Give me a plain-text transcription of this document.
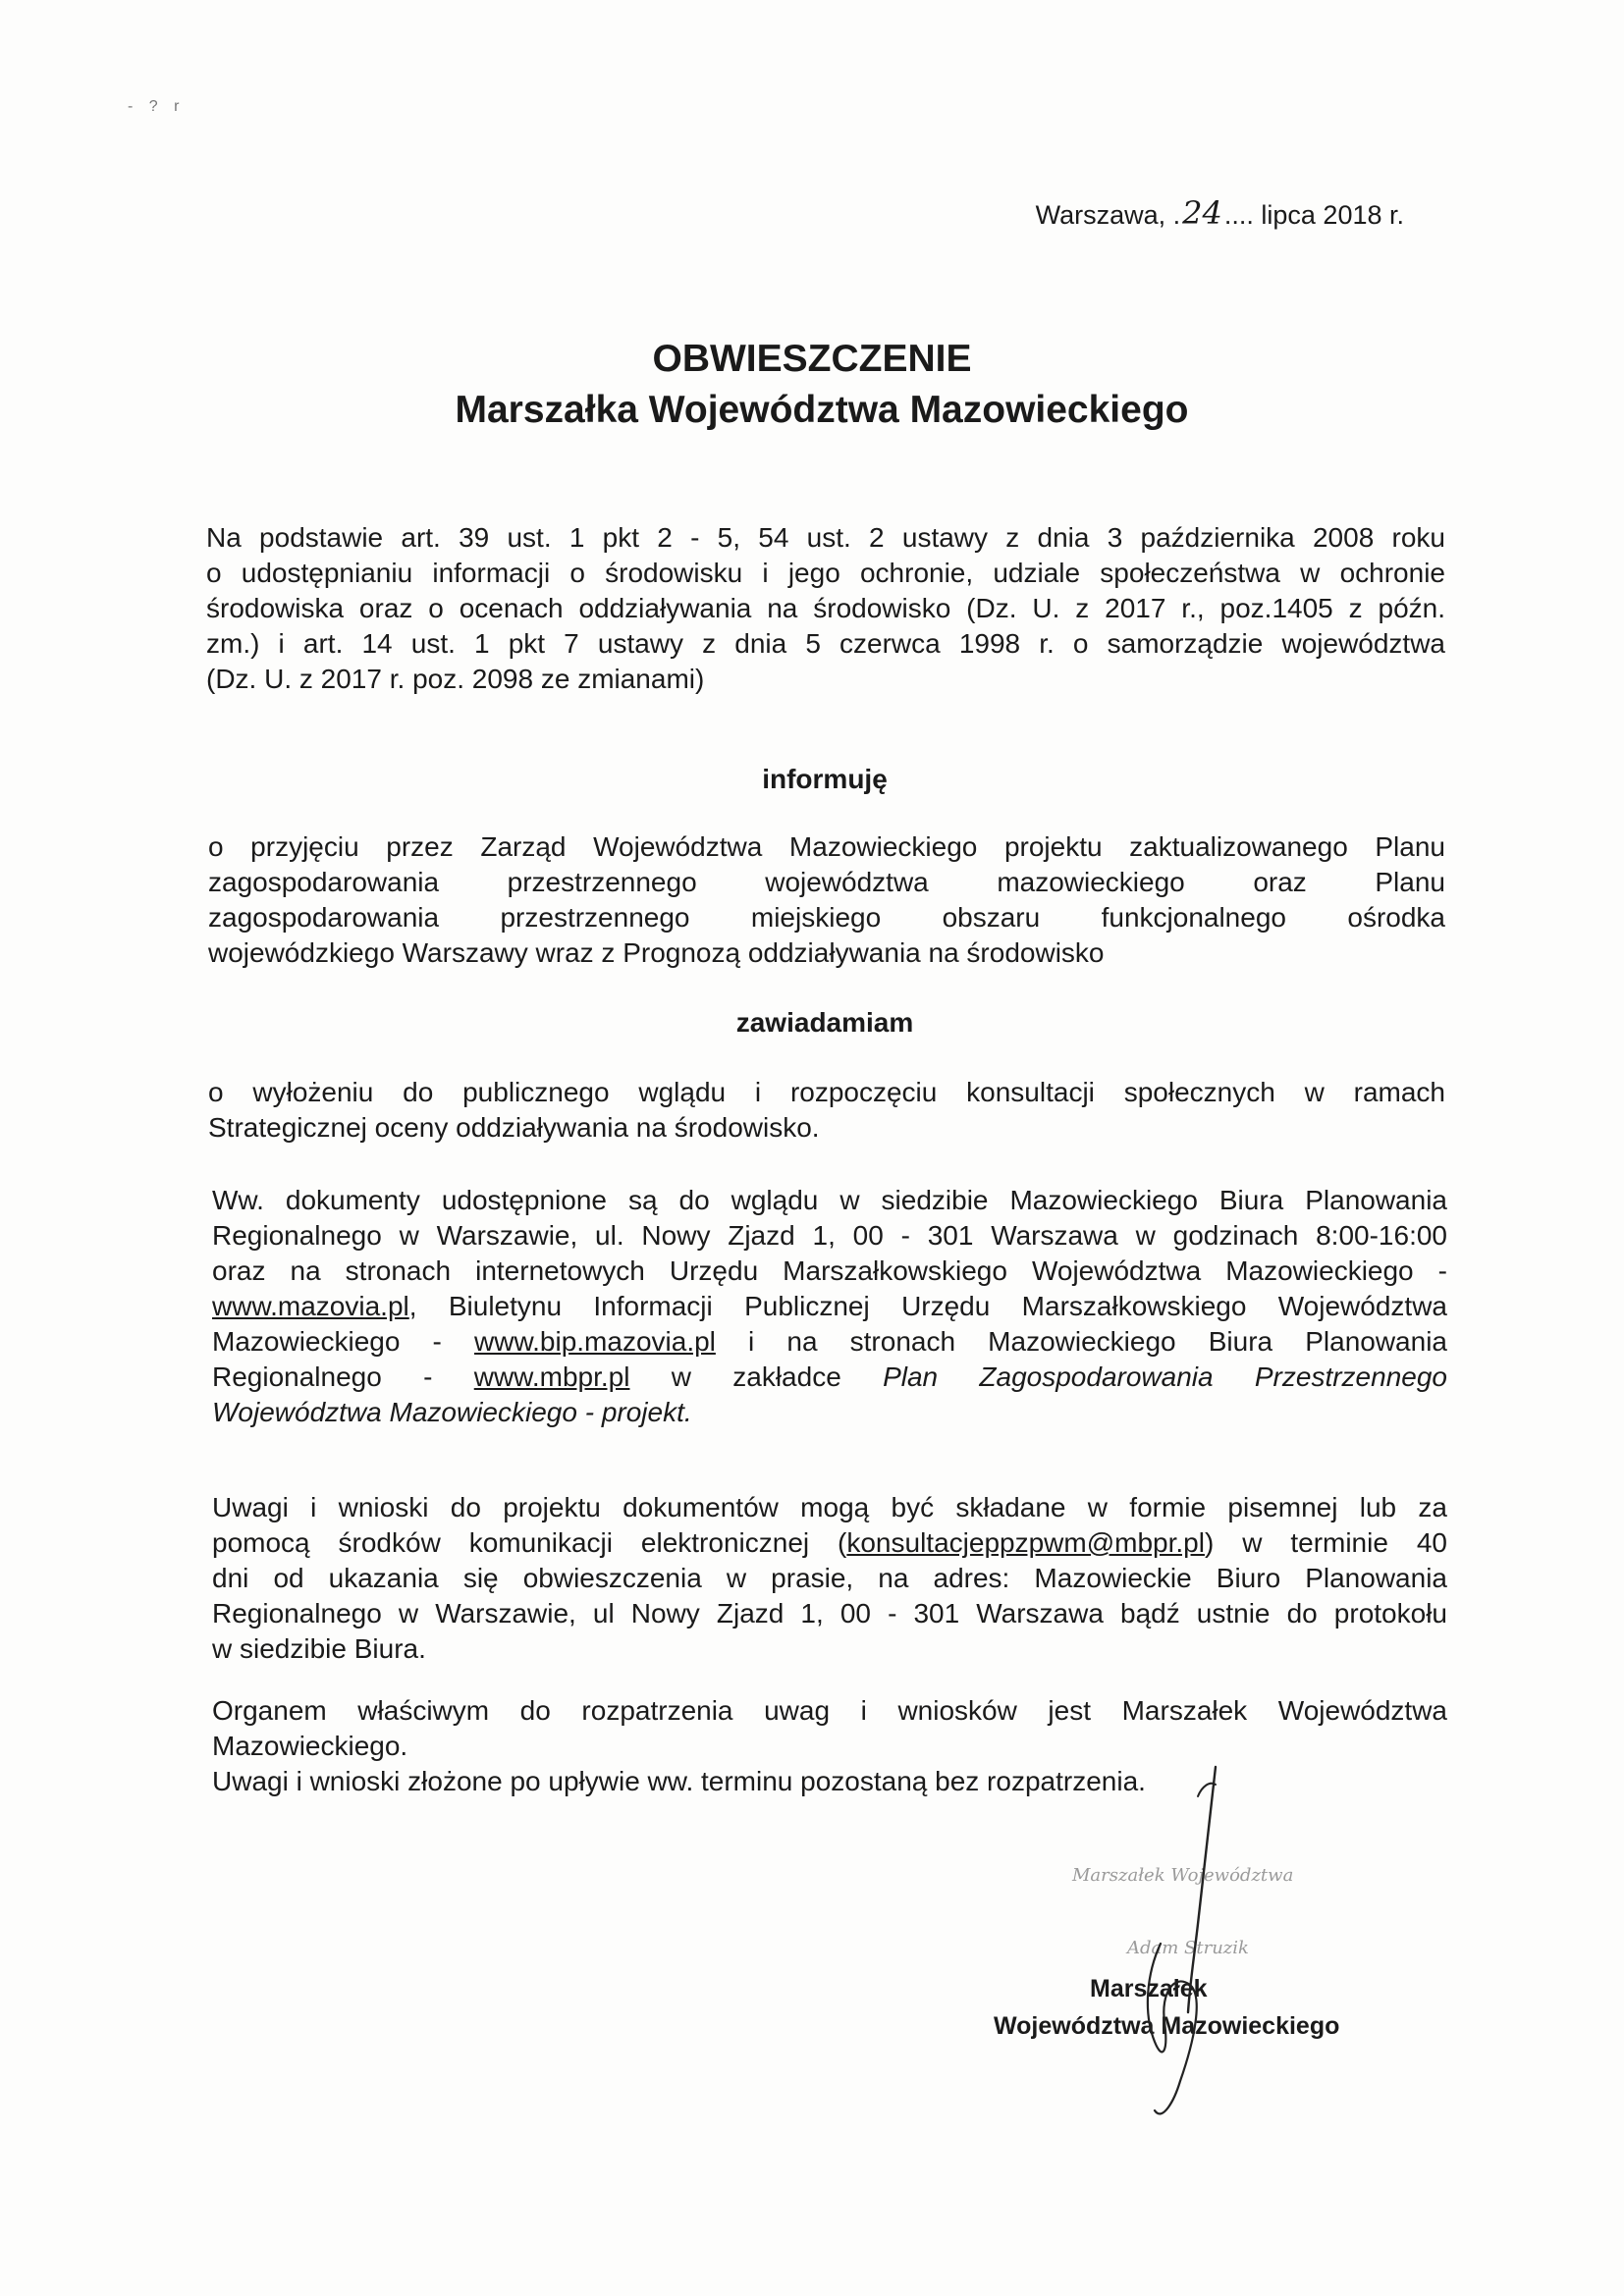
- ? r
Warszawa, .24.... lipca 2018 r.
OBWIESZCZENIE
Marszałka Województwa Mazowieckiego
Na podstawie art. 39 ust. 1 pkt 2 - 5, 54 ust. 2 ustawy z dnia 3 października 2008 roku
o udostępnianiu informacji o środowisku i jego ochronie, udziale społeczeństwa w ochronie
środowiska oraz o ocenach oddziaływania na środowisko (Dz. U. z 2017 r., poz.1405 z późn.
zm.) i art. 14 ust. 1 pkt 7 ustawy z dnia 5 czerwca 1998 r. o samorządzie województwa
(Dz. U. z 2017 r. poz. 2098 ze zmianami)
informuję
o przyjęciu przez Zarząd Województwa Mazowieckiego projektu zaktualizowanego Planu
zagospodarowania przestrzennego województwa mazowieckiego oraz Planu
zagospodarowania przestrzennego miejskiego obszaru funkcjonalnego ośrodka
wojewódzkiego Warszawy wraz z Prognozą oddziaływania na środowisko
zawiadamiam
o wyłożeniu do publicznego wglądu i rozpoczęciu konsultacji społecznych w ramach
Strategicznej oceny oddziaływania na środowisko.
Ww. dokumenty udostępnione są do wglądu w siedzibie Mazowieckiego Biura Planowania
Regionalnego w Warszawie, ul. Nowy Zjazd 1, 00 - 301 Warszawa w godzinach 8:00-16:00
oraz na stronach internetowych Urzędu Marszałkowskiego Województwa Mazowieckiego -
www.mazovia.pl, Biuletynu Informacji Publicznej Urzędu Marszałkowskiego Województwa
Mazowieckiego - www.bip.mazovia.pl i na stronach Mazowieckiego Biura Planowania
Regionalnego - www.mbpr.pl w zakładce Plan Zagospodarowania Przestrzennego
Województwa Mazowieckiego - projekt.
Uwagi i wnioski do projektu dokumentów mogą być składane w formie pisemnej lub za
pomocą środków komunikacji elektronicznej (konsultacjeppzpwm@mbpr.pl) w terminie 40
dni od ukazania się obwieszczenia w prasie, na adres: Mazowieckie Biuro Planowania
Regionalnego w Warszawie, ul Nowy Zjazd 1, 00 - 301 Warszawa bądź ustnie do protokołu
w siedzibie Biura.
Organem właściwym do rozpatrzenia uwag i wniosków jest Marszałek Województwa
Mazowieckiego.
Uwagi i wnioski złożone po upływie ww. terminu pozostaną bez rozpatrzenia.
Marszałek Województwa
Adam Struzik
Marszałek
Województwa Mazowieckiego
